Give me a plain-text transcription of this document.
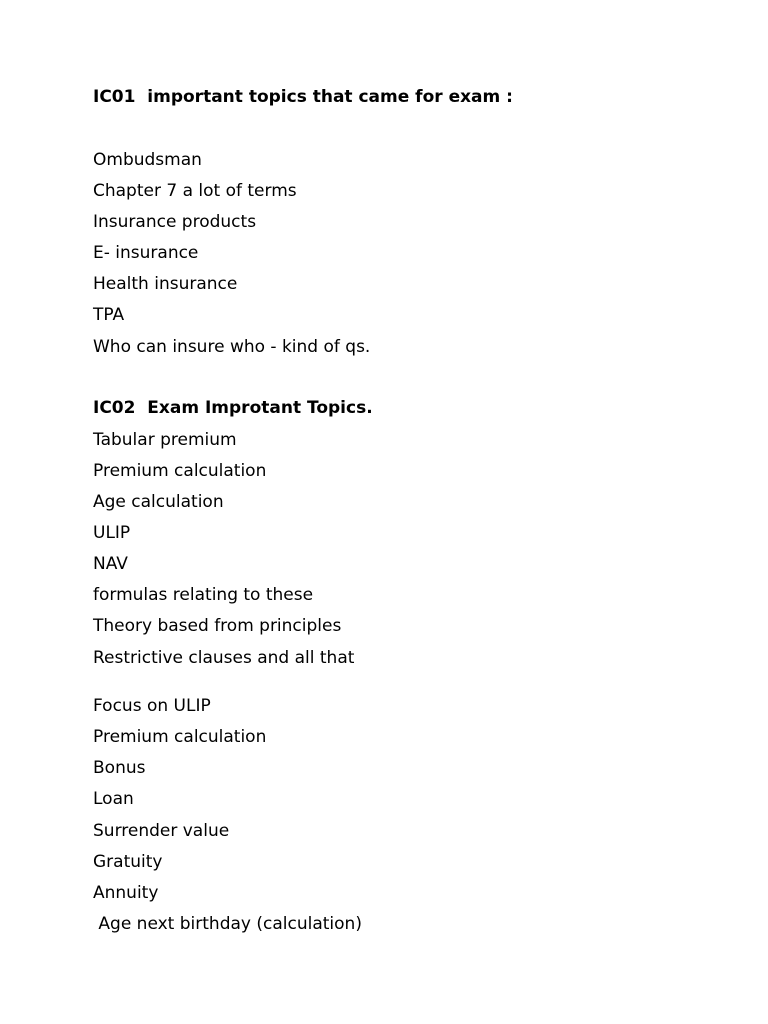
IC01  important topics that came for exam :
Ombudsman
Chapter 7 a lot of terms
Insurance products
E- insurance
Health insurance
TPA
Who can insure who - kind of qs.
IC02  Exam Improtant Topics.
Tabular premium
Premium calculation
Age calculation
ULIP
NAV
formulas relating to these
Theory based from principles
Restrictive clauses and all that
Focus on ULIP
Premium calculation
Bonus
Loan
Surrender value
Gratuity
Annuity
Age next birthday (calculation)
